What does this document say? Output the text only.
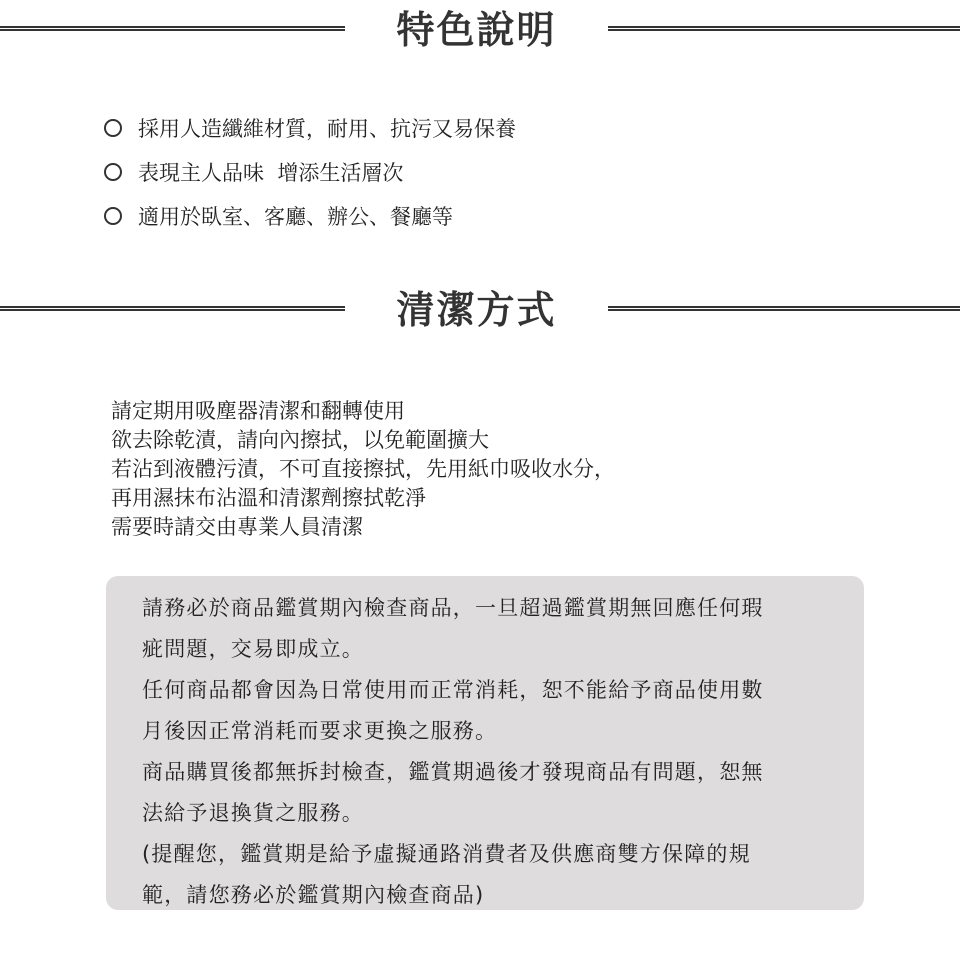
特色說明
採用人造纖維材質，耐用、抗污又易保養
表現主人品味  增添生活層次
適用於臥室、客廳、辦公、餐廳等
清潔方式
請定期用吸塵器清潔和翻轉使用
欲去除乾漬，請向內擦拭，以免範圍擴大
若沾到液體污漬，不可直接擦拭，先用紙巾吸收水分，
再用濕抹布沾溫和清潔劑擦拭乾淨
需要時請交由專業人員清潔
請務必於商品鑑賞期內檢查商品，一旦超過鑑賞期無回應任何瑕
疵問題，交易即成立。
任何商品都會因為日常使用而正常消耗，恕不能給予商品使用數
月後因正常消耗而要求更換之服務。
商品購買後都無拆封檢查，鑑賞期過後才發現商品有問題，恕無
法給予退換貨之服務。
(提醒您，鑑賞期是給予虛擬通路消費者及供應商雙方保障的規
範，請您務必於鑑賞期內檢查商品)
